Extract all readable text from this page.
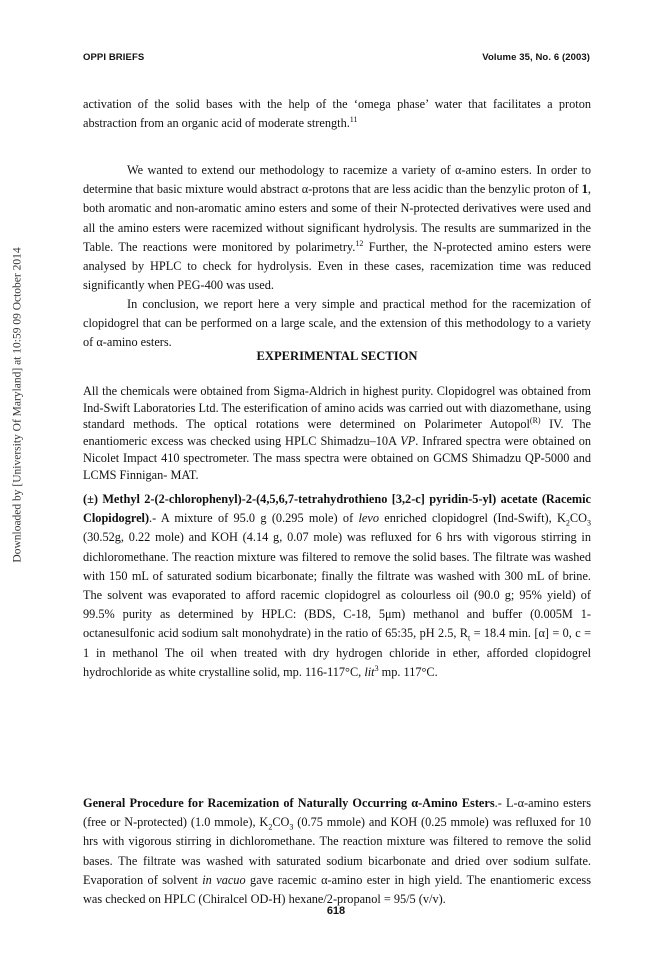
OPPI BRIEFS	Volume 35, No. 6 (2003)
Downloaded by [University Of Maryland] at 10:59 09 October 2014

activation of the solid bases with the help of the ‘omega phase’ water that facilitates a proton abstraction from an organic acid of moderate strength.$^{11}$

We wanted to extend our methodology to racemize a variety of α-amino esters. In order to determine that basic mixture would abstract α-protons that are less acidic than the benzylic proton of 1, both aromatic and non-aromatic amino esters and some of their N-protected derivatives were used and all the amino esters were racemized without significant hydrolysis. The results are summarized in the Table. The reactions were monitored by polarimetry.$^{12}$ Further, the N-protected amino esters were analysed by HPLC to check for hydrolysis. Even in these cases, racemization time was reduced significantly when PEG-400 was used.

In conclusion, we report here a very simple and practical method for the racemization of clopidogrel that can be performed on a large scale, and the extension of this methodology to a variety of α-amino esters.

EXPERIMENTAL SECTION
All the chemicals were obtained from Sigma-Aldrich in highest purity. Clopidogrel was obtained from Ind-Swift Laboratories Ltd. The esterification of amino acids was carried out with diazomethane, using standard methods. The optical rotations were determined on Polarimeter Autopol$^{(R)}$ IV. The enantiomeric excess was checked using HPLC Shimadzu–10A VP. Infrared spectra were obtained on Nicolet Impact 410 spectrometer. The mass spectra were obtained on GCMS Shimadzu QP-5000 and LCMS Finnigan- MAT.
(±) Methyl 2-(2-chlorophenyl)-2-(4,5,6,7-tetrahydrothieno [3,2-c] pyridin-5-yl) acetate (Racemic Clopidogrel).- A mixture of 95.0 g (0.295 mole) of levo enriched clopidogrel (Ind-Swift), $K_2CO_3$ (30.52g, 0.22 mole) and KOH (4.14 g, 0.07 mole) was refluxed for 6 hrs with vigorous stirring in dichloromethane. The reaction mixture was filtered to remove the solid bases. The filtrate was washed with 150 mL of saturated sodium bicarbonate; finally the filtrate was washed with 300 mL of brine. The solvent was evaporated to afford racemic clopidogrel as colourless oil (90.0 g; 95% yield) of 99.5% purity as determined by HPLC: (BDS, C-18, 5μm) methanol and buffer (0.005M 1-octanesulfonic acid sodium salt monohydrate) in the ratio of 65:35, pH 2.5, $R_t = 18.4$ min. [α] = 0, c = 1 in methanol The oil when treated with dry hydrogen chloride in ether, afforded clopidogrel hydrochloride as white crystalline solid, mp. 116-117°C, lit$^3$ mp. 117°C.
General Procedure for Racemization of Naturally Occurring α-Amino Esters.- L-α-amino esters (free or N-protected) (1.0 mmole), $K_2CO_3$ (0.75 mmole) and KOH (0.25 mmole) was refluxed for 10 hrs with vigorous stirring in dichloromethane. The reaction mixture was filtered to remove the solid bases. The filtrate was washed with saturated sodium bicarbonate and dried over sodium sulfate. Evaporation of solvent in vacuo gave racemic α-amino ester in high yield. The enantiomeric excess was checked on HPLC (Chiralcel OD-H) hexane/2-propanol = 95/5 (v/v).
618
